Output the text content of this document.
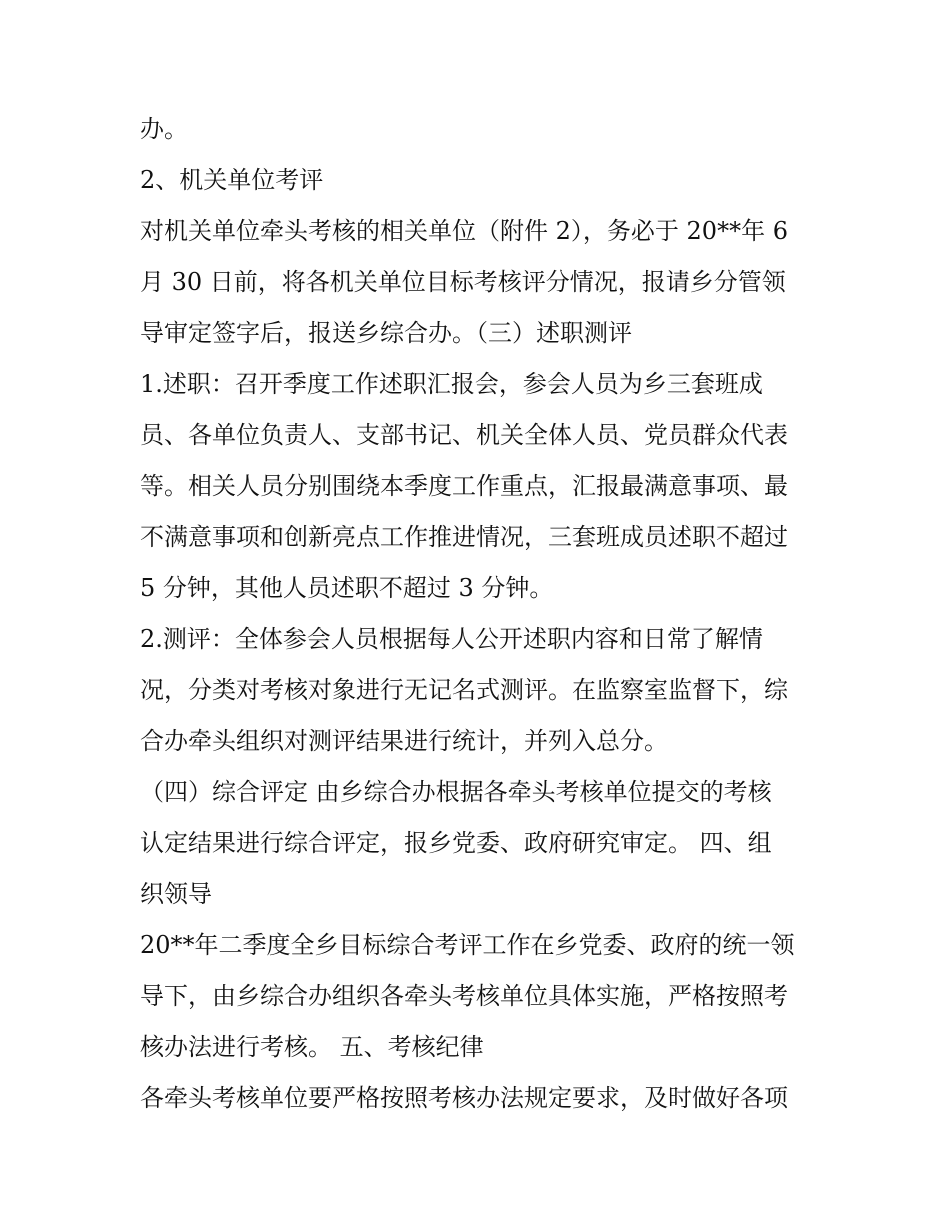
办。
2、机关单位考评
对机关单位牵头考核的相关单位（附件 2），务必于 20**年 6
月 30 日前，将各机关单位目标考核评分情况，报请乡分管领
导审定签字后，报送乡综合办。（三）述职测评
1.述职：召开季度工作述职汇报会，参会人员为乡三套班成
员、各单位负责人、支部书记、机关全体人员、党员群众代表
等。相关人员分别围绕本季度工作重点，汇报最满意事项、最
不满意事项和创新亮点工作推进情况，三套班成员述职不超过
5 分钟，其他人员述职不超过 3 分钟。
2.测评：全体参会人员根据每人公开述职内容和日常了解情
况，分类对考核对象进行无记名式测评。在监察室监督下，综
合办牵头组织对测评结果进行统计，并列入总分。
（四）综合评定 由乡综合办根据各牵头考核单位提交的考核
认定结果进行综合评定，报乡党委、政府研究审定。 四、组
织领导
20**年二季度全乡目标综合考评工作在乡党委、政府的统一领
导下，由乡综合办组织各牵头考核单位具体实施，严格按照考
核办法进行考核。 五、考核纪律
各牵头考核单位要严格按照考核办法规定要求，及时做好各项
